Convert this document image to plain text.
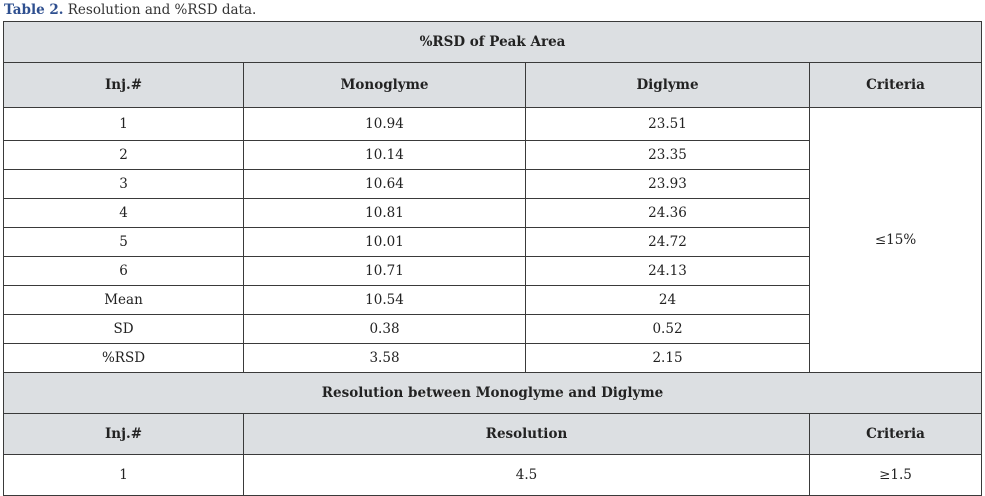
Table 2. Resolution and %RSD data.
%RSD of Peak Area			
Inj.#	Monoglyme	Diglyme	Criteria
1	10.94	23.51	≤15%
2	10.14	23.35	
3	10.64	23.93	
4	10.81	24.36	
5	10.01	24.72	
6	10.71	24.13	
Mean	10.54	24	
SD	0.38	0.52	
%RSD	3.58	2.15	
Resolution between Monoglyme and Diglyme			
Inj.#	Resolution		Criteria
1	4.5		≥1.5
